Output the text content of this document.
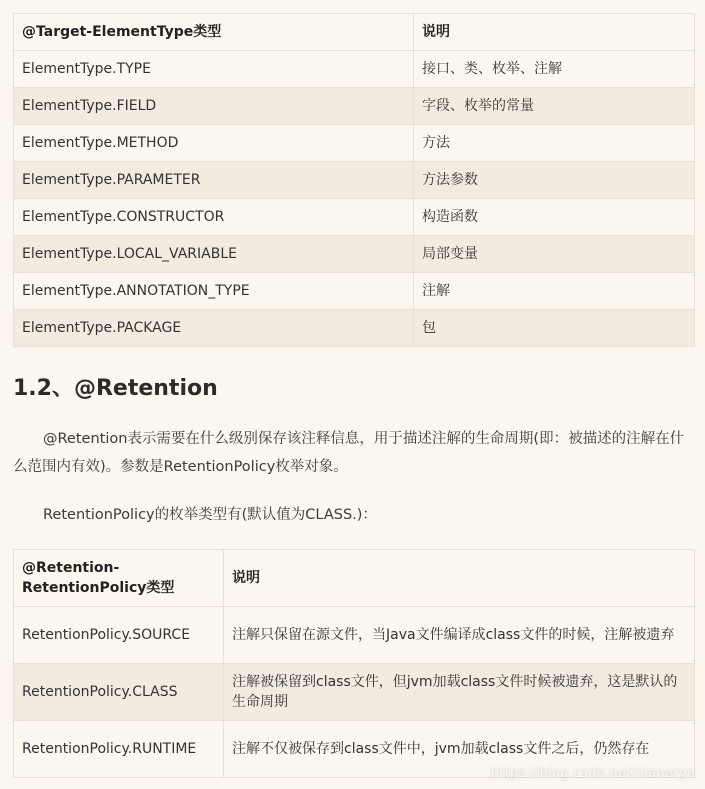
@Target-ElementType类型	说明
ElementType.TYPE	接口、类、枚举、注解
ElementType.FIELD	字段、枚举的常量
ElementType.METHOD	方法
ElementType.PARAMETER	方法参数
ElementType.CONSTRUCTOR	构造函数
ElementType.LOCAL_VARIABLE	局部变量
ElementType.ANNOTATION_TYPE	注解
ElementType.PACKAGE	包
1.2、@Retention

@Retention表示需要在什么级别保存该注释信息，用于描述注解的生命周期(即：被描述的注解在什么范围内有效)。参数是RetentionPolicy枚举对象。

RetentionPolicy的枚举类型有(默认值为CLASS.)：

@Retention-RetentionPolicy类型	说明
RetentionPolicy.SOURCE	注解只保留在源文件，当Java文件编译成class文件的时候，注解被遗弃
RetentionPolicy.CLASS	注解被保留到class文件，但jvm加载class文件时候被遗弃，这是默认的生命周期
RetentionPolicy.RUNTIME	注解不仅被保存到class文件中，jvm加载class文件之后，仍然存在
https://blog.csdn.net/xiaoerye
